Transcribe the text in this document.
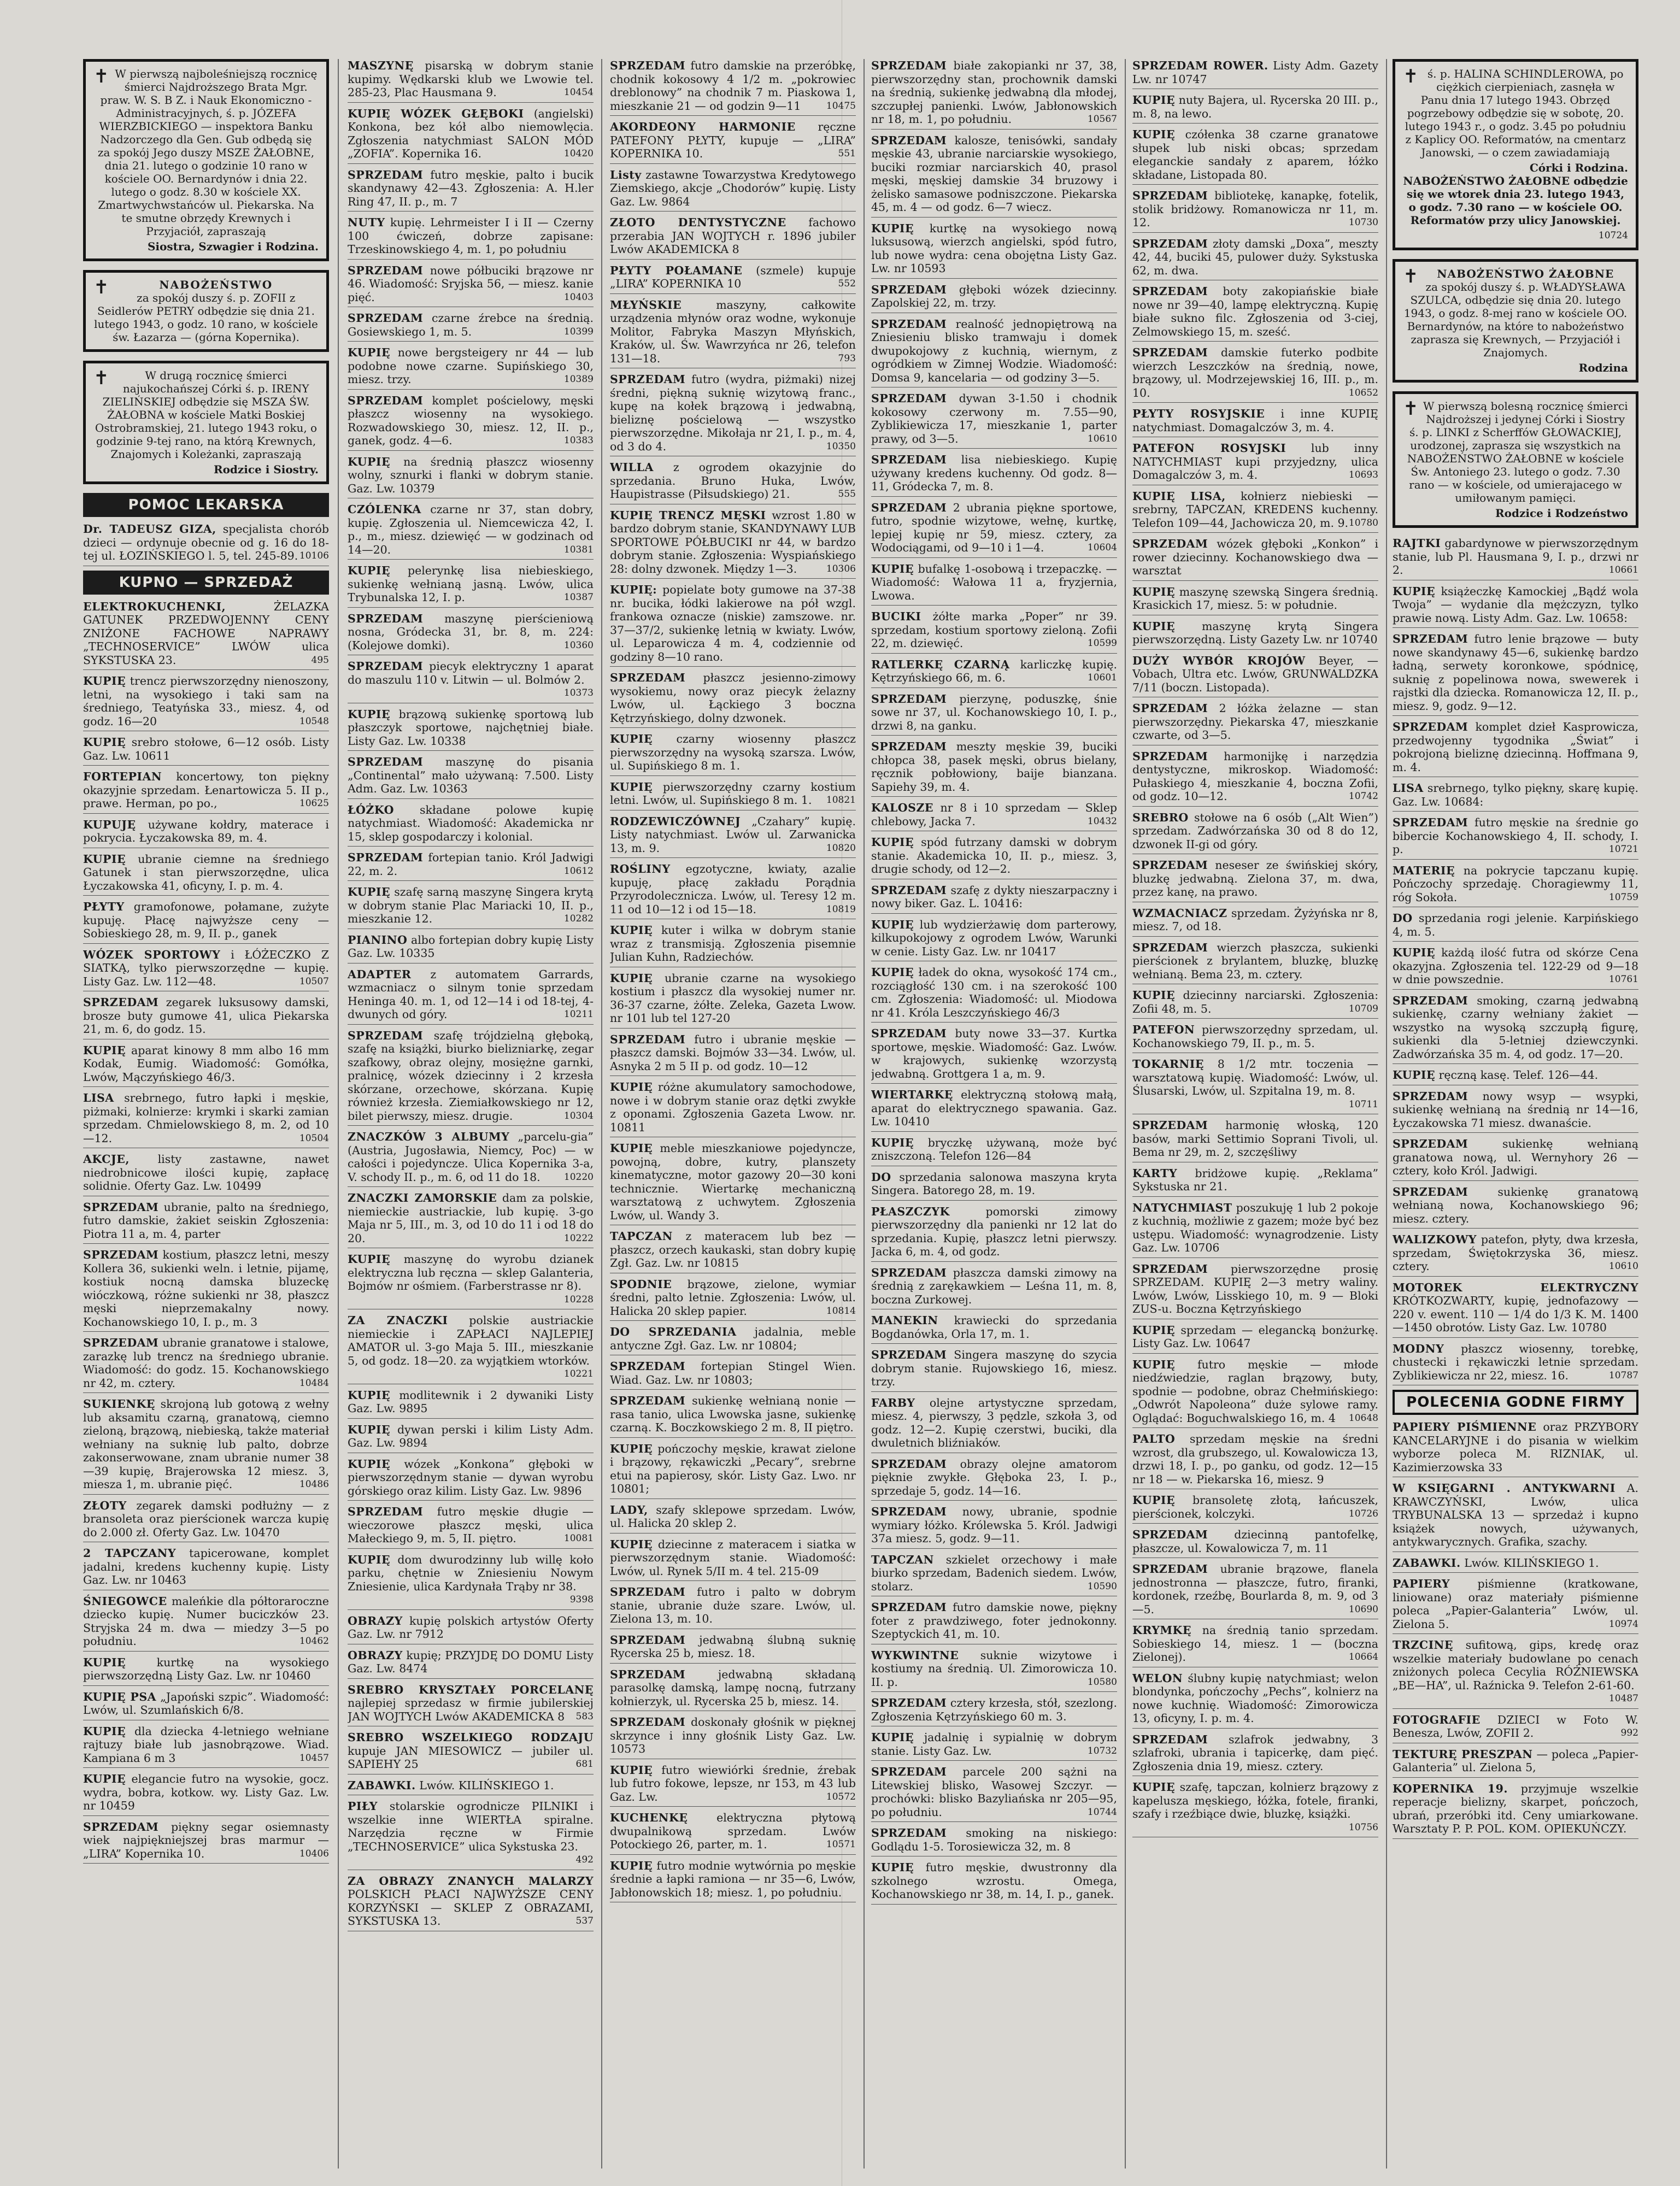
✝ W pierwszą najboleśniejszą rocznicę śmierci Najdroższego Brata Mgr. praw. W. S. B Z. i Nauk Ekonomiczno - Administracyjnych, ś. p. JÓZEFA WIERZBICKIEGO — inspektora Banku Nadzorczego dla Gen. Gub odbędą się za spokój Jego duszy MSZE ŻAŁOBNE, dnia 21. lutego o godzinie 10 rano w kościele OO. Bernardynów i dnia 22. lutego o godz. 8.30 w kościele XX. Zmartwychwstańców ul. Piekarska. Na te smutne obrzędy Krewnych i Przyjaciół, zapraszają
Siostra, Szwagier i Rodzina.
✝	NABOŻEŃSTWO
za spokój duszy ś. p. ZOFII z Seidlerów PETRY odbędzie się dnia 21. lutego 1943, o godz. 10 rano, w kościele św. Łazarza — (górna Kopernika).
✝	W drugą rocznicę śmierci najukochańszej Córki ś. p. IRENY ZIELIŃSKIEJ odbędzie się MSZA ŚW. ŻAŁOBNA w kościele Matki Boskiej Ostrobramskiej, 21. lutego 1943 roku, o godzinie 9-tej rano, na którą Krewnych, Znajomych i Koleżanki, zapraszają
Rodzice i Siostry.
POMOC LEKARSKA
Dr. TADEUSZ GIZA, specjalista chorób dzieci — ordynuje obecnie od g. 16 do 18-tej ul. ŁOZIŃSKIEGO l. 5, tel. 245-89. 10106
KUPNO — SPRZEDAŻ
ELEKTROKUCHENKI,	ŻELAZKA GATUNEK PRZEDWOJENNY CENY ZNIŻONE FACHOWE NAPRAWY „TECHNOSERVICE” LWÓW ulica SYKSTUSKA 23.	495
KUPIĘ trencz pierwszorzędny nienoszony, letni, na wysokiego i taki sam na średniego, Teatyńska 33., miesz. 4, od godz. 16—20	10548
KUPIĘ srebro stołowe, 6—12 osób. Listy Gaz. Lw. 10611
FORTEPIAN koncertowy, ton piękny okazyjnie sprzedam. Łenartowicza 5. II p., prawe. Herman, po po.,	10625
KUPUJĘ używane kołdry, materace i pokrycia. Łyczakowska 89, m. 4.
KUPIĘ ubranie ciemne na średniego Gatunek i stan pierwszorzędne, ulica Łyczakowska 41, oficyny, I. p. m. 4.
PŁYTY gramofonowe, połamane, zużyte kupuję. Płacę najwyższe ceny — Sobieskiego 28, m. 9, II. p., ganek
WÓZEK SPORTOWY i ŁÓŻECZKO Z SIATKĄ, tylko pierwszorzędne — kupię. Listy Gaz. Lw. 112—48.	10507
SPRZEDAM zegarek luksusowy damski, brosze buty gumowe 41, ulica Piekarska 21, m. 6, do godz. 15.
KUPIĘ aparat kinowy 8 mm albo 16 mm Kodak, Eumig. Wiadomość: Gomółka, Lwów, Mączyńskiego 46/3.
LISA srebrnego, futro łapki i męskie, piżmaki, kolnierze: krymki i skarki zamian sprzedam. Chmielowskiego 8, m. 2, od 10—12.	10504
AKCJE,	listy zastawne, nawet niedrobnicowe ilości kupię, zapłacę solidnie. Oferty Gaz. Lw. 10499
SPRZEDAM ubranie, palto na średniego, futro damskie, żakiet seiskin Zgłoszenia: Piotra 11 a, m. 4, parter
SPRZEDAM kostium, płaszcz letni, meszy Kollera 36, sukienki weln. i letnie, pijamę, kostiuk nocną damska bluzeckę wióczkową, różne sukienki nr 38, płaszcz męski nieprzemakalny nowy. Kochanowskiego 10, I. p., m. 3
SPRZEDAM ubranie granatowe i stalowe, zarazkę lub trencz na średniego ubranie. Wiadomość: do godz. 15. Kochanowskiego nr 42, m. cztery.	10484
SUKIENKĘ skrojoną lub gotową z wełny lub aksamitu czarną, granatową, ciemno zieloną, brązową, niebieską, także materiał wełniany na suknię lub palto, dobrze zakonserwowane, znam ubranie numer 38—39 kupię, Brajerowska 12 miesz. 3, miesza 1, m. ubranie pięć.	10486
ZŁOTY zegarek damski podłużny — z bransoleta oraz pierścionek warcza kupię do 2.000 zł. Oferty Gaz. Lw. 10470
2 TAPCZANY tapicerowane, komplet jadalni, kredens kuchenny kupię. Listy Gaz. Lw. nr 10463
ŚNIEGOWCE maleńkie dla półtoraroczne dziecko kupię. Numer buciczków 23. Stryjska 24 m. dwa — miedzy 3—5 po południu.	10462
KUPIĘ	kurtkę na wysokiego pierwszorzędną Listy Gaz. Lw. nr 10460
KUPIĘ PSA „Japoński szpic”. Wiadomość: Lwów, ul. Szumlańskich 6/8.
KUPIĘ dla dziecka 4-letniego wełniane rajtuzy białe lub jasnobrązowe. Wiad. Kampiana 6 m 3	10457
KUPIĘ elegancie futro na wysokie, gocz. wydra, bobra, kotkow. wy. Listy Gaz. Lw. nr 10459
SPRZEDAM piękny segar osiemnasty wiek najpiękniejszej bras marmur — „LIRA” Kopernika 10.	10406
MASZYNĘ pisarską w dobrym stanie kupimy. Wędkarski klub we Lwowie tel. 285-23, Plac Hausmana 9.	10454
KUPIĘ WÓZEK GŁĘBOKI (angielski) Konkona, bez kół albo niemowlęcia. Zgłoszenia natychmiast SALON MÓD „ZOFIA”. Kopernika 16.	10420
SPRZEDAM futro męskie, palto i bucik skandynawy 42—43. Zgłoszenia: A. H.ler Ring 47, II. p., m. 7
NUTY kupię. Lehrmeister I i II — Czerny 100 ćwiczeń, dobrze zapisane: Trzeskinowskiego 4, m. 1, po południu
SPRZEDAM nowe półbuciki brązowe nr 46. Wiadomość: Sryjska 56, — miesz. kanie pięć.	10403
SPRZEDAM czarne źrebce na średnią. Gosiewskiego 1, m. 5.	10399
KUPIĘ nowe bergsteigery nr 44 — lub podobne nowe czarne. Supińskiego 30, miesz. trzy.	10389
SPRZEDAM komplet pościelowy, męski płaszcz wiosenny na wysokiego. Rozwadowskiego 30, miesz. 12, II. p., ganek, godz. 4—6.	10383
KUPIĘ na średnią płaszcz wiosenny wolny, sznurki i flanki w dobrym stanie. Gaz. Lw. 10379
CZÓLENKA czarne nr 37, stan dobry, kupię. Zgłoszenia ul. Niemcewicza 42, I. p., m., miesz. dziewięć — w godzinach od 14—20.	10381
KUPIĘ pelerynkę lisa niebieskiego, sukienkę wełnianą jasną. Lwów, ulica Trybunalska 12, I. p.	10387
SPRZEDAM maszynę pierścieniową nosna, Gródecka 31, br. 8, m. 224: (Kolejowe domki).	10360
SPRZEDAM piecyk elektryczny 1 aparat do maszulu 110 v. Litwin — ul. Bolmów 2.
10373
KUPIĘ brązową sukienkę sportową lub płaszczyk sportowe, najchętniej białe. Listy Gaz. Lw. 10338
SPRZEDAM maszynę do pisania „Continental” mało używaną: 7.500. Listy Adm. Gaz. Lw. 10363
ŁÓŻKO składane polowe kupię natychmiast. Wiadomość: Akademicka nr 15, sklep gospodarczy i kolonial.
SPRZEDAM fortepian tanio. Król Jadwigi 22, m. 2.	10612
KUPIĘ szafę sarną maszynę Singera krytą w dobrym stanie Plac Mariacki 10, II. p., mieszkanie 12.	10282
PIANINO albo fortepian dobry kupię Listy Gaz. Lw. 10335
ADAPTER z automatem Garrards, wzmacniacz o silnym tonie sprzedam Heninga 40. m. 1, od 12—14 i od 18-tej, 4-dwunych od góry.	10211
SPRZEDAM szafę trójdzielną głęboką, szafę na książki, biurko bielizniarkę, zegar szafkowy, obraz olejny, mosiężne garnki, pralnicę, wózek dziecinny i 2 krzesła skórzane, orzechowe, skórzana. Kupię również krzesła. Ziemiałkowskiego nr 12, bilet pierwszy, miesz. drugie.	10304
ZNACZKÓW 3 ALBUMY „parcelu-gia” (Austria, Jugosławia, Niemcy, Poc) — w całości i pojedyncze. Ulica Kopernika 3-a, V. schody II. p., m. 6, od 11 do 18.	10220
ZNACZKI ZAMORSKIE dam za polskie, niemieckie austriackie, lub kupię. 3-go Maja nr 5, III., m. 3, od 10 do 11 i od 18 do 20.	10222
KUPIĘ maszynę do wyrobu dzianek elektryczna lub ręczna — sklep Galanteria, Bojmów nr ośmiem. (Farberstrasse nr 8).
10228
ZA ZNACZKI polskie austriackie niemieckie i ZAPŁACI NAJLEPIEJ AMATOR ul. 3-go Maja 5. III., mieszkanie 5, od godz. 18—20. za wyjątkiem wtorków.
10221
KUPIĘ modlitewnik i 2 dywaniki Listy Gaz. Lw. 9895
KUPIĘ dywan perski i kilim Listy Adm. Gaz. Lw. 9894
KUPIĘ wózek „Konkona” głęboki w pierwszorzędnym stanie — dywan wyrobu górskiego oraz kilim. Listy Gaz. Lw. 9896
SPRZEDAM futro męskie długie — wieczorowe płaszcz męski, ulica Małeckiego 9, m. 5, II. piętro.	10081
KUPIĘ dom dwurodzinny lub willę koło parku, chętnie w Zniesieniu Nowym Zniesienie, ulica Kardynała Trąby nr 38.
9398
OBRAZY kupię polskich artystów Oferty Gaz. Lw. nr 7912
OBRAZY kupię; PRZYJDĘ DO DOMU Listy Gaz. Lw. 8474
SREBRO KRYSZTAŁY PORCELANĘ najlepiej sprzedasz w firmie jubilerskiej JAN WOJTYCH Lwów AKADEMICKA 8 583
SREBRO WSZELKIEGO RODZAJU kupuje JAN MIESOWICZ — jubiler ul. SAPIEHY 25	681
ZABAWKI. Lwów. KILIŃSKIEGO 1.
PIŁY stolarskie ogrodnicze PILNIKI i wszelkie inne WIERTŁA spiralne. Narzędzia ręczne w Firmie „TECHNOSERVICE” ulica Sykstuska 23.
492
ZA OBRAZY ZNANYCH MALARZY POLSKICH PŁACI NAJWYŻSZE CENY KORZYŃSKI — SKLEP Z OBRAZAMI, SYKSTUSKA 13.	537
SPRZEDAM futro damskie na przeróbkę, chodnik kokosowy 4 1/2 m. „pokrowiec dreblonowy” na chodnik 7 m. Piaskowa 1, mieszkanie 21 — od godzin 9—11	10475
AKORDEONY HARMONIE ręczne PATEFONY PŁYTY, kupuje — „LIRA” KOPERNIKA 10.	551
Listy zastawne Towarzystwa Kredytowego Ziemskiego, akcje „Chodorów” kupię. Listy Gaz. Lw. 9864
ZŁOTO DENTYSTYCZNE fachowo przerabia JAN WOJTYCH r. 1896 jubiler Lwów AKADEMICKA 8
PŁYTY POŁAMANE (szmele) kupuje „LIRA” KOPERNIKA 10	552
MŁYŃSKIE	maszyny, całkowite urządzenia młynów oraz wodne, wykonuje Molitor, Fabryka Maszyn Młyńskich, Kraków, ul. Św. Wawrzyńca nr 26, telefon 131—18.	793
SPRZEDAM futro (wydra, piżmaki) nizej średni, piękną suknię wizytową franc., kupę na kołek brązową i jedwabną, bieliznę pościelową — wszystko pierwszorzędne. Mikołaja nr 21, I. p., m. 4, od 3 do 4.	10350
WILLA z ogrodem okazyjnie do sprzedania. Bruno Huka, Lwów, Haupistrasse (Piłsudskiego) 21.	555
KUPIĘ TRENCZ MĘSKI wzrost 1.80 w bardzo dobrym stanie, SKANDYNAWY LUB SPORTOWE PÓŁBUCIKI nr 44, w bardzo dobrym stanie. Zgłoszenia: Wyspiańskiego 28: dolny dzwonek. Między 1—3.	10306
KUPIĘ: popielate boty gumowe na 37-38 nr. bucika, łódki lakierowe na pół wzgl. frankowa oznacze (niskie) zamszowe. nr. 37—37/2, sukienkę letnią w kwiaty. Lwów, ul. Leparowicza 4 m. 4, codziennie od godziny 8—10 rano.
SPRZEDAM płaszcz jesienno-zimowy wysokiemu, nowy oraz piecyk żelazny Lwów, ul. Łąckiego 3 boczna Kętrzyńskiego, dolny dzwonek.
KUPIĘ czarny wiosenny płaszcz pierwszorzędny na wysoką szarsza. Lwów, ul. Supińskiego 8 m. 1.
KUPIĘ pierwszorzędny czarny kostium letni. Lwów, ul. Supińskiego 8 m. 1. 10821
RODZEWICZÓWNEJ „Czahary” kupię. Listy natychmiast. Lwów ul. Zarwanicka 13, m. 9.	10820
ROŚLINY egzotyczne, kwiaty, azalie kupuję, płacę zakładu Porądnia Przyrodolecznicza. Lwów, ul. Teresy 12 m. 11 od 10—12 i od 15—18.	10819
KUPIĘ kuter i wilka w dobrym stanie wraz z transmisją. Zgłoszenia pisemnie Julian Kuhn, Radziechów.
KUPIĘ ubranie czarne na wysokiego kostium i płaszcz dla wysokiej numer nr. 36-37 czarne, żółte. Zeleka, Gazeta Lwow. nr 101 lub tel 127-20
SPRZEDAM futro i ubranie męskie — płaszcz damski. Bojmów 33—34. Lwów, ul. Asnyka 2 m 5 II p. od godz. 10—12
KUPIĘ różne akumulatory samochodowe, nowe i w dobrym stanie oraz dętki zwykłe z oponami. Zgłoszenia Gazeta Lwow. nr. 10811
KUPIĘ meble mieszkaniowe pojedyncze, powojną, dobre, kutry, planszety kinematyczne, motor gazowy 20—30 koni technicznie. Wiertarkę mechaniczną warsztatową z uchwytem. Zgłoszenia Lwów, ul. Wandy 3.
TAPCZAN z materacem lub bez — płaszcz, orzech kaukaski, stan dobry kupię Zgł. Gaz. Lw. nr 10815
SPODNIE brązowe, zielone, wymiar średni, palto letnie. Zgłoszenia: Lwów, ul. Halicka 20 sklep papier.	10814
DO SPRZEDANIA jadalnia, meble antyczne Zgł. Gaz. Lw. nr 10804;
SPRZEDAM fortepian Stingel Wien. Wiad. Gaz. Lw. nr 10803;
SPRZEDAM sukienkę wełnianą nonie — rasa tanio, ulica Lwowska jasne, sukienkę czarną. K. Boczkowskiego 2 m. 8, II piętro.
KUPIĘ pończochy męskie, krawat zielone i brązowy, rękawiczki „Pecary”, srebrne etui na papierosy, skór. Listy Gaz. Lwo. nr 10801;
LADY, szafy sklepowe sprzedam. Lwów, ul. Halicka 20 sklep 2.
KUPIĘ dziecinne z materacem i siatka w pierwszorzędnym stanie. Wiadomość: Lwów, ul. Rynek 5/II m. 4 tel. 215-09
SPRZEDAM futro i palto w dobrym stanie, ubranie duże szare. Lwów, ul. Zielona 13, m. 10.
SPRZEDAM jedwabną ślubną suknię Rycerska 25 b, miesz. 18.
SPRZEDAM	jedwabną składaną parasolkę damską, lampę nocną, futrzany kołnierzyk, ul. Rycerska 25 b, miesz. 14.
SPRZEDAM doskonały głośnik w pięknej skrzynce i inny głośnik Listy Gaz. Lw. 10573
KUPIĘ futro wiewiórki średnie, źrebak lub futro fokowe, lepsze, nr 153, m 43 lub Gaz. Lw.	10572
KUCHENKĘ	elektryczna płytową dwupalnikową sprzedam. Lwów Potockiego 26, parter, m. 1.	10571
KUPIĘ futro modnie wytwórnia po męskie średnie a łapki ramiona — nr 35—6, Lwów, Jabłonowskich 18; miesz. 1, po południu.
SPRZEDAM białe zakopianki nr 37, 38, pierwszorzędny stan, prochownik damski na średnią, sukienkę jedwabną dla młodej, szczupłej panienki. Lwów, Jabłonowskich nr 18, m. 1, po południu.	10567
SPRZEDAM kalosze, tenisówki, sandały męskie 43, ubranie narciarskie wysokiego, buciki rozmiar narciarskich 40, prasol męski, męskiej damskie 34 bruzowy i żelisko samasowe podniszczone. Piekarska 45, m. 4 — od godz. 6—7 wiecz.
KUPIĘ kurtkę na wysokiego nową luksusową, wierzch angielski, spód futro, lub nowe wydra: cena obojętna Listy Gaz. Lw. nr 10593
SPRZEDAM głęboki wózek dziecinny. Zapolskiej 22, m. trzy.
SPRZEDAM realność jednopiętrową na Zniesieniu blisko tramwaju i domek dwupokojowy z kuchnią, wiernym, z ogródkiem w Zimnej Wodzie. Wiadomość: Domsa 9, kancelaria — od godziny 3—5.
SPRZEDAM dywan 3-1.50 i chodnik kokosowy czerwony m. 7.55—90, Zyblikiewicza 17, mieszkanie 1, parter prawy, od 3—5.	10610
SPRZEDAM lisa niebieskiego. Kupię używany kredens kuchenny. Od godz. 8—11, Gródecka 7, m. 8.
SPRZEDAM 2 ubrania piękne sportowe, futro, spodnie wizytowe, wełnę, kurtkę, lepiej kupię nr 59, miesz. cztery, za Wodociągami, od 9—10 i 1—4.	10604
KUPIĘ bufalkę 1-osobową i trzepaczkę. — Wiadomość: Wałowa 11 a, fryzjernia, Lwowa.
BUCIKI żółte marka „Poper” nr 39. sprzedam, kostium sportowy zieloną. Zofii 22, m. dziewięć.	10599
RATLERKĘ CZARNĄ karliczkę kupię. Kętrzyńskiego 66, m. 6.	10601
SPRZEDAM pierzynę, poduszkę, śnie sowe nr 37, ul. Kochanowskiego 10, I. p., drzwi 8, na ganku.
SPRZEDAM meszty męskie 39, buciki chłopca 38, pasek męski, obrus bielany, ręcznik pobłowiony, baije bianzana. Sapiehy 39, m. 4.
KALOSZE nr 8 i 10 sprzedam — Sklep chlebowy, Jacka 7.	10432
KUPIĘ spód futrzany damski w dobrym stanie. Akademicka 10, II. p., miesz. 3, drugie schody, od 12—2.
SPRZEDAM szafę z dykty nieszarpaczny i nowy biker. Gaz. L. 10416:
KUPIĘ lub wydzierżawię dom parterowy, kilkupokojowy z ogrodem Lwów, Warunki w cenie. Listy Gaz. Lw. nr 10417
KUPIĘ ładek do okna, wysokość 174 cm., rozciągłość 130 cm. i na szerokość 100 cm. Zgłoszenia: Wiadomość: ul. Miodowa nr 41. Króla Leszczyńskiego 46/3
SPRZEDAM buty nowe 33—37. Kurtka sportowe, męskie. Wiadomość: Gaz. Lwów. w krajowych, sukienkę wzorzystą jedwabną. Grottgera 1 a, m. 9.
WIERTARKĘ elektryczną stołową małą, aparat do elektrycznego spawania. Gaz. Lw. 10410
KUPIĘ bryczkę używaną, może być zniszczoną. Telefon 126—84
DO sprzedania salonowa maszyna kryta Singera. Batorego 28, m. 19.
PŁASZCZYK	pomorski zimowy pierwszorzędny dla panienki nr 12 lat do sprzedania. Kupię, płaszcz letni pierwszy. Jacka 6, m. 4, od godz.
SPRZEDAM płaszcza damski zimowy na średnią z zarękawkiem — Leśna 11, m. 8, boczna Zurkowej.
MANEKIN krawiecki do sprzedania Bogdanówka, Orla 17, m. 1.
SPRZEDAM Singera maszynę do szycia dobrym stanie. Rujowskiego 16, miesz. trzy.
FARBY olejne artystyczne sprzedam, miesz. 4, pierwszy, 3 pędzle, szkoła 3, od godz. 12—2. Kupię czerstwi, buciki, dla dwuletnich bliźniaków.
SPRZEDAM obrazy olejne amatorom pięknie zwykłe. Głęboka 23, I. p., sprzedaje 5, godz. 14—16.
SPRZEDAM nowy, ubranie, spodnie wymiary łóżko. Królewska 5. Król. Jadwigi 37a miesz. 5, godz. 9—11.
TAPCZAN szkielet orzechowy i małe biurko sprzedam, Badenich siedem. Lwów, stolarz.	10590
SPRZEDAM futro damskie nowe, piękny foter z prawdziwego, foter jednokonny. Szeptyckich 41, m. 10.
WYKWINTNE suknie wizytowe i kostiumy na średnią. Ul. Zimorowicza 10. II. p.	10580
SPRZEDAM cztery krzesła, stół, szezlong. Zgłoszenia Kętrzyńskiego 60 m. 3.
KUPIĘ jadalnię i sypialnię w dobrym stanie. Listy Gaz. Lw.	10732
SPRZEDAM parcele 200 sążni na Litewskiej blisko, Wasowej Szczyr. — prochówki: blisko Bazyliańska nr 205—95, po południu.	10744
SPRZEDAM smoking na niskiego: Godlądu 1-5. Torosiewicza 32, m. 8
KUPIĘ futro męskie, dwustronny dla szkolnego wzrostu. Omega, Kochanowskiego nr 38, m. 14, I. p., ganek.
SPRZEDAM ROWER. Listy Adm. Gazety Lw. nr 10747
KUPIĘ nuty Bajera, ul. Rycerska 20 III. p., m. 8, na lewo.
KUPIĘ czółenka 38 czarne granatowe słupek lub niski obcas; sprzedam eleganckie sandały z aparem, łóżko składane, Listopada 80.
SPRZEDAM bibliotekę, kanapkę, fotelik, stolik bridżowy. Romanowicza nr 11, m. 12.	10730
SPRZEDAM złoty damski „Doxa”, meszty 42, 44, buciki 45, pulower duży. Sykstuska 62, m. dwa.
SPRZEDAM boty zakopiańskie białe nowe nr 39—40, lampę elektryczną. Kupię białe sukno filc. Zgłoszenia od 3-ciej, Zelmowskiego 15, m. sześć.
SPRZEDAM damskie futerko podbite wierzch Leszczków na średnią, nowe, brązowy, ul. Modrzejewskiej 16, III. p., m. 10.	10652
PŁYTY ROSYJSKIE i inne KUPIĘ natychmiast. Domagalczów 3, m. 4.
PATEFON ROSYJSKI lub inny NATYCHMIAST kupi przyjedzny, ulica Domagalczów 3, m. 4.	10693
KUPIĘ LISA, kołnierz niebieski — srebrny, TAPCZAN, KREDENS kuchenny. Telefon 109—44, Jachowicza 20, m. 9. 10780
SPRZEDAM wózek głęboki „Konkon” i rower dziecinny. Kochanowskiego dwa — warsztat
KUPIĘ maszynę szewską Singera średnią. Krasickich 17, miesz. 5: w południe.
KUPIĘ maszynę krytą Singera pierwszorzędną. Listy Gazety Lw. nr 10740
DUŻY WYBÓR KROJÓW Beyer, — Vobach, Ultra etc. Lwów, GRUNWALDZKA 7/11 (boczn. Listopada).
SPRZEDAM 2 łóżka żelazne — stan pierwszorzędny. Piekarska 47, mieszkanie czwarte, od 3—5.
SPRZEDAM harmonijkę i narzędzia dentystyczne, mikroskop. Wiadomość: Pułaskiego 4, mieszkanie 4, boczna Zofii, od godz. 10—12.	10742
SREBRO stołowe na 6 osób („Alt Wien”) sprzedam. Zadwórzańska 30 od 8 do 12, dzwonek II-gi od góry.
SPRZEDAM neseser ze świńskiej skóry, bluzkę jedwabną. Zielona 37, m. dwa, przez kanę, na prawo.
WZMACNIACZ sprzedam. Żyżyńska nr 8, miesz. 7, od 18.
SPRZEDAM wierzch płaszcza, sukienki pierścionek z brylantem, bluzkę, bluzkę wełnianą. Bema 23, m. cztery.
KUPIĘ dziecinny narciarski. Zgłoszenia: Zofii 48, m. 5.	10709
PATEFON pierwszorzędny sprzedam, ul. Kochanowskiego 79, II. p., m. 5.
TOKARNIĘ 8 1/2 mtr. toczenia — warsztatową kupię. Wiadomość: Lwów, ul. Ślusarski, Lwów, ul. Szpitalna 19, m. 8.
10711
SPRZEDAM harmonię włoską, 120 basów, marki Settimio Soprani Tivoli, ul. Bema nr 29, m. 2, szczęśliwy
KARTY bridżowe kupię. „Reklama” Sykstuska nr 21.
NATYCHMIAST poszukuję 1 lub 2 pokoje z kuchnią, możliwie z gazem; może być bez ustępu. Wiadomość: wynagrodzenie. Listy Gaz. Lw. 10706
SPRZEDAM pierwszorzędne prosię SPRZEDAM. KUPIĘ 2—3 metry waliny. Lwów, Lwów, Lisskiego 10, m. 9 — Bloki ZUS-u. Boczna Kętrzyńskiego
KUPIĘ sprzedam — elegancką bonżurkę. Listy Gaz. Lw. 10647
KUPIĘ futro męskie — młode niedźwiedzie, raglan brązowy, buty, spodnie — podobne, obraz Chełmińskiego: „Odwrót Napoleona” duże sylowe ramy. Oglądać: Boguchwalskiego 16, m. 4 10648
PALTO sprzedam męskie na średni wzrost, dla grubszego, ul. Kowalowicza 13, drzwi 18, I. p., po ganku, od godz. 12—15 nr 18 — w. Piekarska 16, miesz. 9
KUPIĘ bransoletę złotą, łańcuszek, pierścionek, kolczyki.	10726
SPRZEDAM dziecinną pantofelkę, płaszcze, ul. Kowalowicza 7, m. 11
SPRZEDAM ubranie brązowe, flanela jednostronna — płaszcze, futro, firanki, kordonek, rzeźbę, Bourlarda 8, m. 9, od 3—5.	10690
KRYMKĘ na średnią tanio sprzedam. Sobieskiego 14, miesz. 1 — (boczna Zielonej).	10664
WELON ślubny kupię natychmiast; welon blondynka, pończochy „Pechs”, kolnierz na nowe kuchnię. Wiadomość: Zimorowicza 13, oficyny, I. p. m. 4.
SPRZEDAM szlafrok jedwabny, 3 szlafroki, ubrania i tapicerkę, dam pięć. Zgłoszenia dnia 19, miesz. cztery.
KUPIĘ szafę, tapczan, kolnierz brązowy z kapelusza męskiego, łóżka, fotele, firanki, szafy i rzeźbiące dwie, bluzkę, książki.
10756
✝ ś. p. HALINA SCHINDLEROWA, po ciężkich cierpieniach, zasnęła w Panu dnia 17 lutego 1943. Obrzęd pogrzebowy odbędzie się w sobotę, 20. lutego 1943 r., o godz. 3.45 po południu z Kaplicy OO. Reformatów, na cmentarz Janowski, — o czem zawiadamiają
Córki i Rodzina.
NABOŻEŃSTWO ŻAŁOBNE odbędzie się we wtorek dnia 23. lutego 1943, o godz. 7.30 rano — w kościele OO. Reformatów przy ulicy Janowskiej.
10724
✝	NABOŻEŃSTWO ŻAŁOBNE
za spokój duszy ś. p. WŁADYSŁAWA SZULCA, odbędzie się dnia 20. lutego 1943, o godz. 8-mej rano w kościele OO. Bernardynów, na które to nabożeństwo zaprasza się Krewnych, — Przyjaciół i Znajomych.
Rodzina
✝ W pierwszą bolesną rocznicę śmierci Najdroższej i jedynej Córki i Siostry ś. p. LINKI z Scherffów GŁOWACKIEJ, urodzonej, zaprasza się wszystkich na NABOŻEŃSTWO ŻAŁOBNE w kościele Św. Antoniego 23. lutego o godz. 7.30 rano — w kościele, od umierajacego w umiłowanym pamięci.
Rodzice i Rodzeństwo
RAJTKI gabardynowe w pierwszorzędnym stanie, lub Pl. Hausmana 9, I. p., drzwi nr 2.	10661
KUPIĘ książeczkę Kamockiej „Bądź wola Twoja” — wydanie dla mężczyzn, tylko prawie nową. Listy Adm. Gaz. Lw. 10658:
SPRZEDAM futro lenie brązowe — buty nowe skandynawy 45—6, sukienkę bardzo ładną, serwety koronkowe, spódnicę, suknię z popelinowa nowa, swewerek i rajstki dla dziecka. Romanowicza 12, II. p., miesz. 9, godz. 9—12.
SPRZEDAM komplet dzieł Kasprowicza, przedwojenny tygodnika „Świat” i pokrojoną bieliznę dziecinną. Hoffmana 9, m. 4.
LISA srebrnego, tylko piękny, skarę kupię. Gaz. Lw. 10684:
SPRZEDAM futro męskie na średnie go bibercie Kochanowskiego 4, II. schody, I. p.	10721
MATERIĘ na pokrycie tapczanu kupię. Pończochy sprzedaję. Choragiewmy 11, róg Sokoła.	10759
DO sprzedania rogi jelenie. Karpińskiego 4, m. 5.
KUPIĘ każdą ilość futra od skórze Cena okazyjna. Zgłoszenia tel. 122-29 od 9—18 w dnie powszednie.	10761
SPRZEDAM smoking, czarną jedwabną sukienkę, czarny wełniany żakiet — wszystko na wysoką szczupłą figurę, sukienki dla 5-letniej dziewczynki. Zadwórzańska 35 m. 4, od godz. 17—20.
KUPIĘ ręczną kasę. Telef. 126—44.
SPRZEDAM nowy wsyp — wsypki, sukienkę wełnianą na średnią nr 14—16, Łyczakowska 71 miesz. dwanaście.
SPRZEDAM	sukienkę wełnianą granatowa nową, ul. Wernyhory 26 — cztery, koło Król. Jadwigi.
SPRZEDAM	sukienkę granatową wełnianą nowa, Kochanowskiego 96; miesz. cztery.
WALIZKOWY patefon, płyty, dwa krzesła, sprzedam, Świętokrzyska 36, miesz. cztery.	10610
MOTOREK ELEKTRYCZNY KRÓTKOZWARTY, kupię, jednofazowy — 220 v. ewent. 110 — 1/4 do 1/3 K. M. 1400—1450 obrotów. Listy Gaz. Lw. 10780
MODNY płaszcz wiosenny, torebkę, chustecki i rękawiczki letnie sprzedam. Zyblikiewicza nr 22, miesz. 16.	10787
POLECENIA GODNE FIRMY
PAPIERY PIŚMIENNE oraz PRZYBORY KANCELARYJNE i do pisania w wielkim wyborze poleca M. RIZNIAK, ul. Kazimierzowska 33
W KSIĘGARNI . ANTYKWARNI A. KRAWCZYŃSKI, Lwów, ulica TRYBUNALSKA 13 — sprzedaż i kupno książek nowych, używanych, antykwarycznych. Grafika, szachy.
ZABAWKI. Lwów. KILIŃSKIEGO 1.
PAPIERY piśmienne (kratkowane, liniowane) oraz materiały piśmienne poleca „Papier-Galanteria” Lwów, ul. Zielona 5.	10974
TRZCINĘ sufitową, gips, kredę oraz wszelkie materiały budowlane po cenach zniżonych poleca Cecylia RÓŻNIEWSKA „BE—HA”, ul. Raźnicka 9. Telefon 2-61-60.
10487
FOTOGRAFIE DZIECI w Foto W. Benesza, Lwów, ZOFII 2.	992
TEKTURĘ PRESZPAN — poleca „Papier-Galanteria” ul. Zielona 5,
KOPERNIKA 19. przyjmuje wszelkie reperacje bielizny, skarpet, pończoch, ubrań, przeróbki itd. Ceny umiarkowane. Warsztaty P. P. POL. KOM. OPIEKUŃCZY.
